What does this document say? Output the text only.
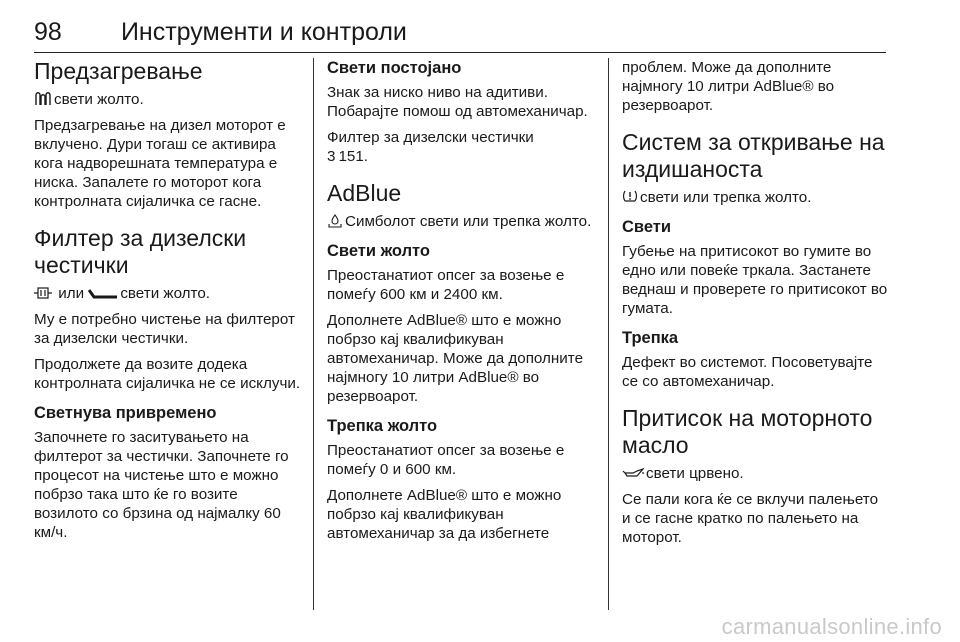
98 Инструменти и контроли
Предзагревање

свети жолто.

Предзагревање на дизел моторот е вклучено. Дури тогаш се активира кога надворешната температура е ниска. Запалете го моторот кога контролната сијаличка се гасне.

Филтер за дизелски честички

или свети жолто.

Му е потребно чистење на филтерот за дизелски честички.

Продолжете да возите додека контролната сијаличка не се исклучи.

Светнува привремено

Започнете го заситувањето на филтерот за честички. Започнете го процесот на чистење што е можно побрзо така што ќе го возите возилото со брзина од најмалку 60 км/ч.

Свети постојано

Знак за ниско ниво на адитиви. Побарајте помош од автомеханичар.

Филтер за дизелски честички
3 151.

AdBlue

Симболот свети или трепка жолто.

Свети жолто

Преостанатиот опсег за возење е помеѓу 600 км и 2400 км.

Дополнете AdBlue® што е можно побрзо кај квалификуван автомеханичар. Може да дополните најмногу 10 литри AdBlue® во резервоарот.

Трепка жолто

Преостанатиот опсег за возење е помеѓу 0 и 600 км.

Дополнете AdBlue® што е можно побрзо кај квалификуван автомеханичар за да избегнете

проблем. Може да дополните најмногу 10 литри AdBlue® во резервоарот.

Систем за откривање на издишаноста

свети или трепка жолто.

Свети

Губење на притисокот во гумите во едно или повеќе тркала. Застанете веднаш и проверете го притисокот во гумата.

Трепка

Дефект во системот. Посоветувајте се со автомеханичар.

Притисок на моторното масло

свети црвено.

Се пали кога ќе се вклучи палењето и се гасне кратко по палењето на моторот.

carmanualsonline.info
